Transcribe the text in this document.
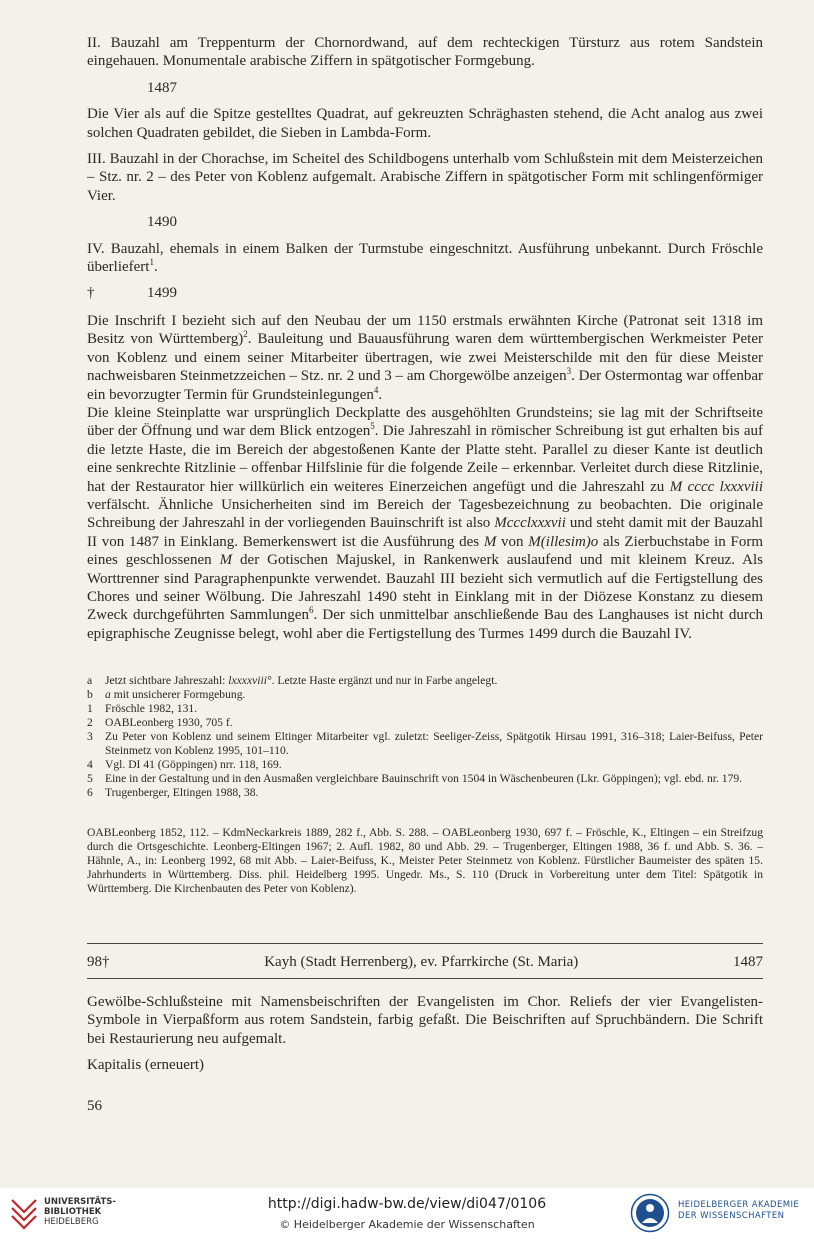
II. Bauzahl am Treppenturm der Chornordwand, auf dem rechteckigen Türsturz aus rotem Sandstein eingehauen. Monumentale arabische Ziffern in spätgotischer Formgebung.

1487

Die Vier als auf die Spitze gestelltes Quadrat, auf gekreuzten Schräghasten stehend, die Acht analog aus zwei solchen Quadraten gebildet, die Sieben in Lambda-Form.

III. Bauzahl in der Chorachse, im Scheitel des Schildbogens unterhalb vom Schlußstein mit dem Meisterzeichen – Stz. nr. 2 – des Peter von Koblenz aufgemalt. Arabische Ziffern in spätgotischer Form mit schlingenförmiger Vier.

1490

IV. Bauzahl, ehemals in einem Balken der Turmstube eingeschnitzt. Ausführung unbekannt. Durch Fröschle überliefert$^1$.

†	1499

Die Inschrift I bezieht sich auf den Neubau der um 1150 erstmals erwähnten Kirche (Patronat seit 1318 im Besitz von Württemberg)$^2$. Bauleitung und Bauausführung waren dem württembergischen Werkmeister Peter von Koblenz und einem seiner Mitarbeiter übertragen, wie zwei Meisterschilde mit den für diese Meister nachweisbaren Steinmetzzeichen – Stz. nr. 2 und 3 – am Chorgewölbe anzeigen$^3$. Der Ostermontag war offenbar ein bevorzugter Termin für Grundsteinlegungen$^4$.

Die kleine Steinplatte war ursprünglich Deckplatte des ausgehöhlten Grundsteins; sie lag mit der Schriftseite über der Öffnung und war dem Blick entzogen$^5$. Die Jahreszahl in römischer Schreibung ist gut erhalten bis auf die letzte Haste, die im Bereich der abgestoßenen Kante der Platte steht. Parallel zu dieser Kante ist deutlich eine senkrechte Ritzlinie – offenbar Hilfslinie für die folgende Zeile – erkennbar. Verleitet durch diese Ritzlinie, hat der Restaurator hier willkürlich ein weiteres Einerzeichen angefügt und die Jahreszahl zu M cccc lxxxviii verfälscht. Ähnliche Unsicherheiten sind im Bereich der Tagesbezeichnung zu beobachten. Die originale Schreibung der Jahreszahl in der vorliegenden Bauinschrift ist also Mccclxxxvii und steht damit mit der Bauzahl II von 1487 in Einklang. Bemerkenswert ist die Ausführung des M von M(illesim)o als Zierbuchstabe in Form eines geschlossenen M der Gotischen Majuskel, in Rankenwerk auslaufend und mit kleinem Kreuz. Als Worttrenner sind Paragraphenpunkte verwendet. Bauzahl III bezieht sich vermutlich auf die Fertigstellung des Chores und seiner Wölbung. Die Jahreszahl 1490 steht in Einklang mit in der Diözese Konstanz zu diesem Zweck durchgeführten Sammlungen$^6$. Der sich unmittelbar anschließende Bau des Langhauses ist nicht durch epigraphische Zeugnisse belegt, wohl aber die Fertigstellung des Turmes 1499 durch die Bauzahl IV.

a	Jetzt sichtbare Jahreszahl: lxxxxviii°. Letzte Haste ergänzt und nur in Farbe angelegt.
b	a mit unsicherer Formgebung.
1	Fröschle 1982, 131.
2	OABLeonberg 1930, 705 f.
3	Zu Peter von Koblenz und seinem Eltinger Mitarbeiter vgl. zuletzt: Seeliger-Zeiss, Spätgotik Hirsau 1991, 316–318; Laier-Beifuss, Peter Steinmetz von Koblenz 1995, 101–110.
4	Vgl. DI 41 (Göppingen) nrr. 118, 169.
5	Eine in der Gestaltung und in den Ausmaßen vergleichbare Bauinschrift von 1504 in Wäschenbeuren (Lkr. Göppingen); vgl. ebd. nr. 179.
6	Trugenberger, Eltingen 1988, 38.

OABLeonberg 1852, 112. – KdmNeckarkreis 1889, 282 f., Abb. S. 288. – OABLeonberg 1930, 697 f. – Fröschle, K., Eltingen – ein Streifzug durch die Ortsgeschichte. Leonberg-Eltingen 1967; 2. Aufl. 1982, 80 und Abb. 29. – Trugenberger, Eltingen 1988, 36 f. und Abb. S. 36. – Hähnle, A., in: Leonberg 1992, 68 mit Abb. – Laier-Beifuss, K., Meister Peter Steinmetz von Koblenz. Fürstlicher Baumeister des späten 15. Jahrhunderts in Württemberg. Diss. phil. Heidelberg 1995. Ungedr. Ms., S. 110 (Druck in Vorbereitung unter dem Titel: Spätgotik in Württemberg. Die Kirchenbauten des Peter von Koblenz).

98†	Kayh (Stadt Herrenberg), ev. Pfarrkirche (St. Maria)	1487

Gewölbe-Schlußsteine mit Namensbeischriften der Evangelisten im Chor. Reliefs der vier Evangelisten-Symbole in Vierpaßform aus rotem Sandstein, farbig gefaßt. Die Beischriften auf Spruchbändern. Die Schrift bei Restaurierung neu aufgemalt.

Kapitalis (erneuert)

56

UNIVERSITÄTS-
BIBLIOTHEK
HEIDELBERG
http://digi.hadw-bw.de/view/di047/0106
© Heidelberger Akademie der Wissenschaften
HEIDELBERGER AKADEMIE
DER WISSENSCHAFTEN
